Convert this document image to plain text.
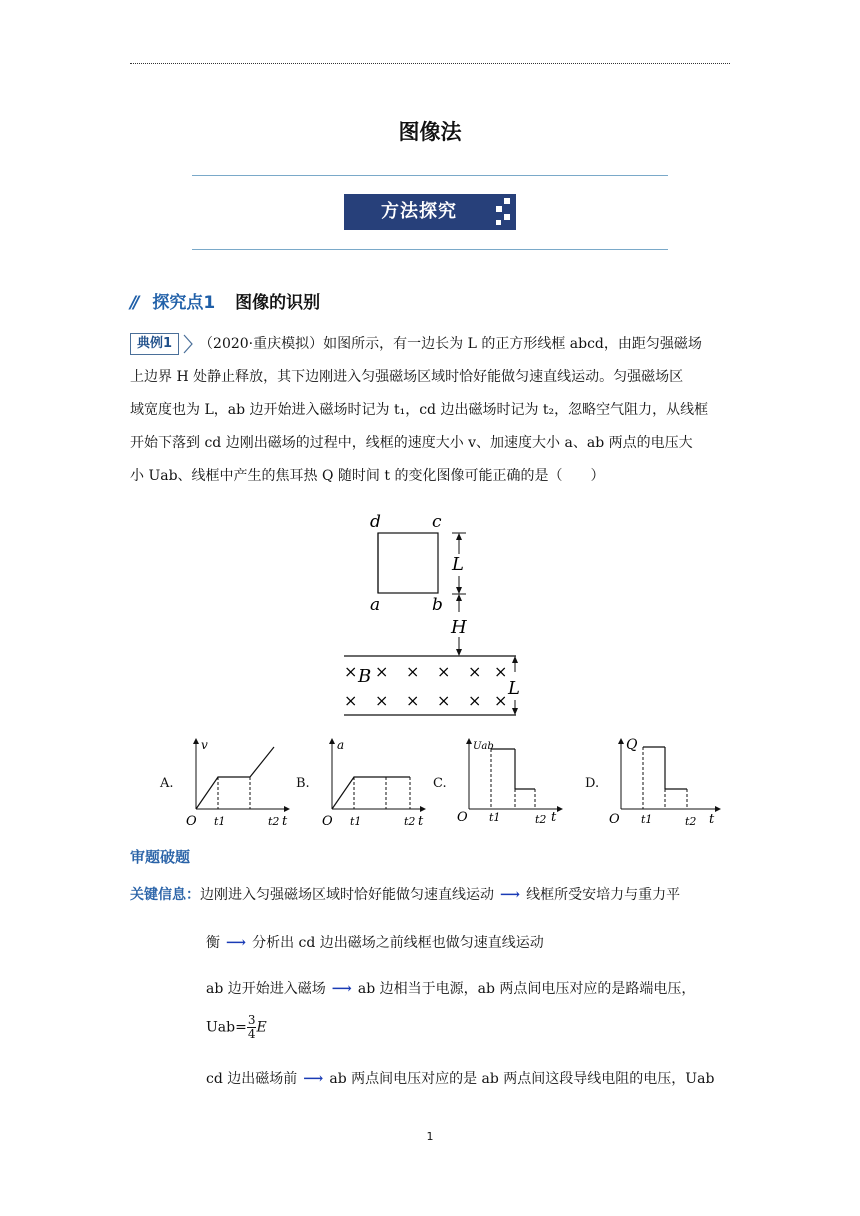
图像法
方法探究
// 探究点1 图像的识别
典例1 （2020·重庆模拟）如图所示，有一边长为 L 的正方形线框 abcd，由距匀强磁场
上边界 H 处静止释放，其下边刚进入匀强磁场区域时恰好能做匀速直线运动。匀强磁场区
域宽度也为 L，ab 边开始进入磁场时记为 t₁，cd 边出磁场时记为 t₂，忽略空气阻力，从线框
开始下落到 cd 边刚出磁场的过程中，线框的速度大小 v、加速度大小 a、ab 两点的电压大
小 Uab、线框中产生的焦耳热 Q 随时间 t 的变化图像可能正确的是（　　）
d	c
a	b
L
H
× × × × × ×
× × × × × ×
B
L
A.
v
O t1	t2 t
B.
a
O t1	t2 t
C.
Uab
O t1	t2 t
D.
Q
O t1	t2 t
审题破题
关键信息：边刚进入匀强磁场区域时恰好能做匀速直线运动 ⟶ 线框所受安培力与重力平
衡 ⟶ 分析出 cd 边出磁场之前线框也做匀速直线运动
ab 边开始进入磁场 ⟶ ab 边相当于电源，ab 两点间电压对应的是路端电压，
$Uab= \frac{3}{4}$ E
cd 边出磁场前 ⟶ ab 两点间电压对应的是 ab 两点间这段导线电阻的电压，Uab
1
